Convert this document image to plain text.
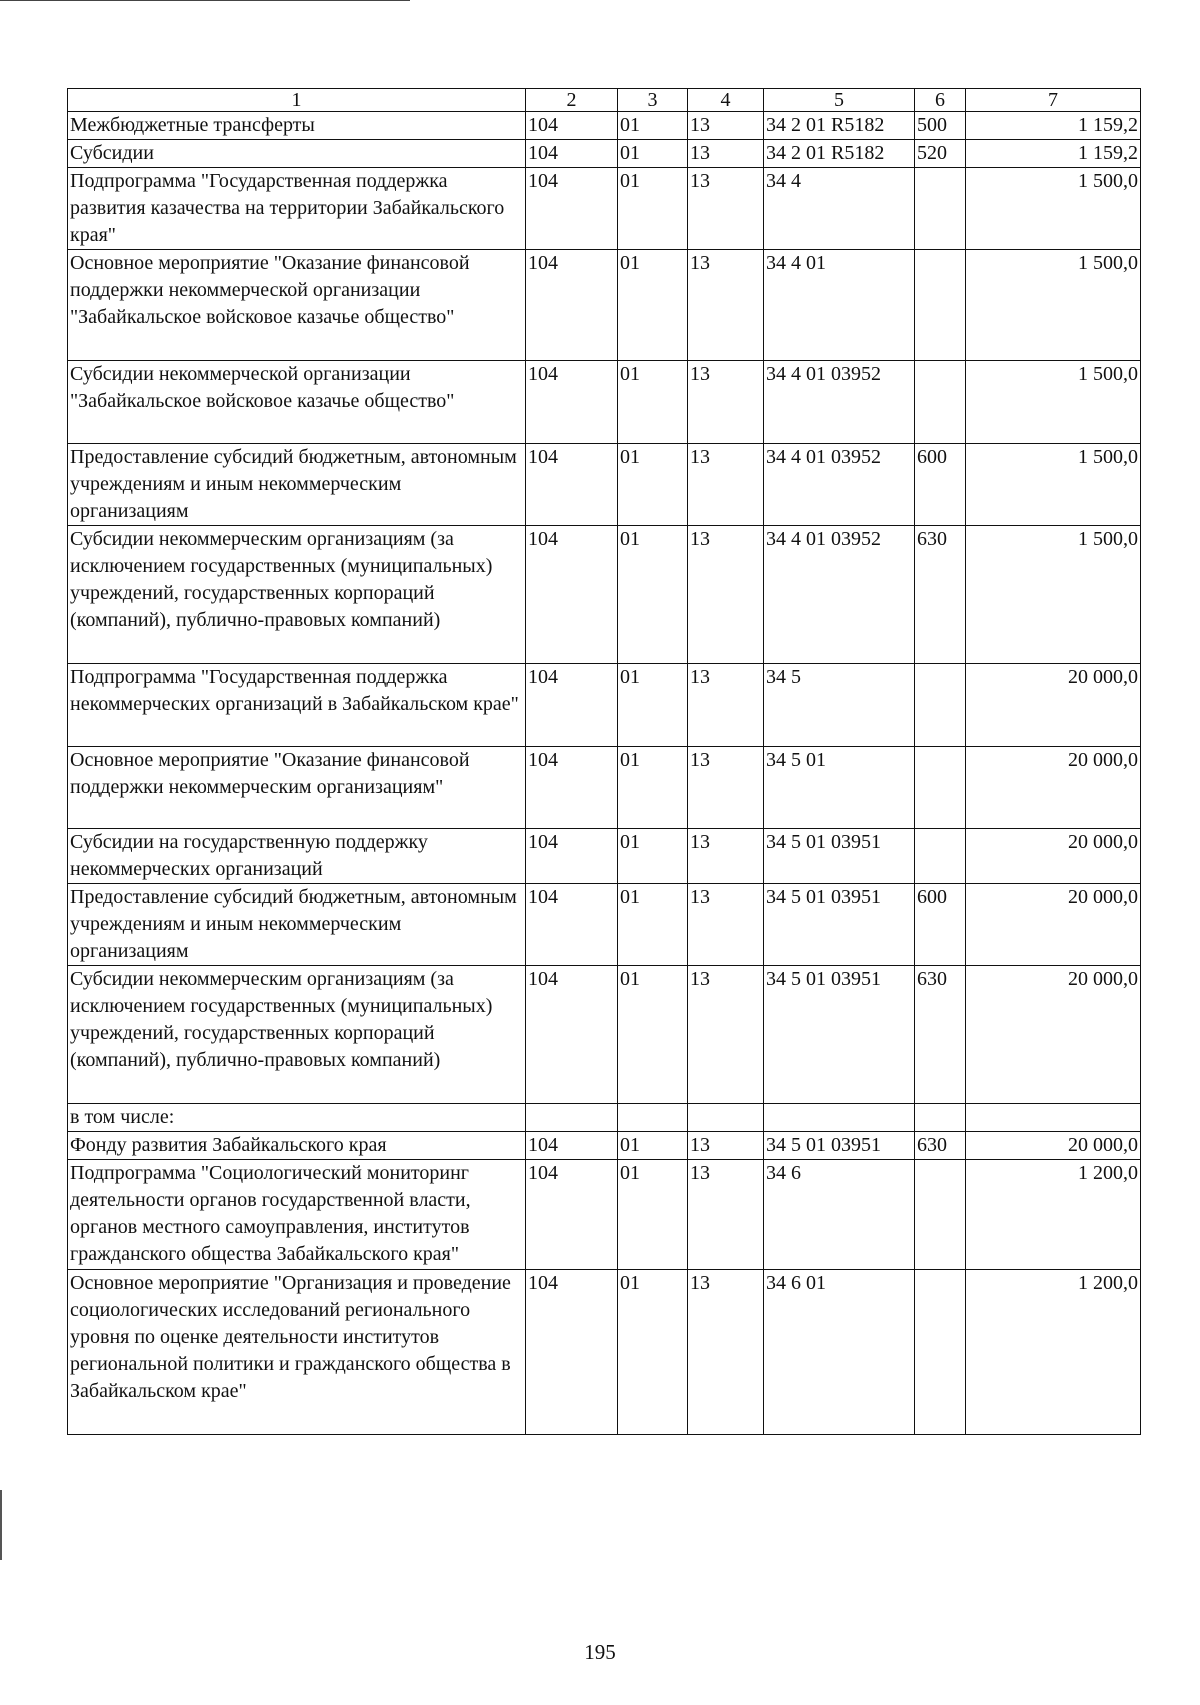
1	2	3	4	5	6	7
Межбюджетные трансферты	104	01	13	34 2 01 R5182	500	1 159,2
Субсидии	104	01	13	34 2 01 R5182	520	1 159,2
Подпрограмма "Государственная поддержка развития казачества на территории Забайкальского края"	104	01	13	34 4		1 500,0
Основное мероприятие "Оказание финансовой поддержки некоммерческой организации "Забайкальское войсковое казачье общество"	104	01	13	34 4 01		1 500,0
Субсидии некоммерческой организации "Забайкальское войсковое казачье общество"	104	01	13	34 4 01 03952		1 500,0
Предоставление субсидий бюджетным, автономным учреждениям и иным некоммерческим организациям	104	01	13	34 4 01 03952	600	1 500,0
Субсидии некоммерческим организациям (за исключением государственных (муниципальных) учреждений, государственных корпораций (компаний), публично-правовых компаний)	104	01	13	34 4 01 03952	630	1 500,0
Подпрограмма "Государственная поддержка некоммерческих организаций в Забайкальском крае"	104	01	13	34 5		20 000,0
Основное мероприятие "Оказание финансовой поддержки некоммерческим организациям"	104	01	13	34 5 01		20 000,0
Субсидии на государственную поддержку некоммерческих организаций	104	01	13	34 5 01 03951		20 000,0
Предоставление субсидий бюджетным, автономным учреждениям и иным некоммерческим организациям	104	01	13	34 5 01 03951	600	20 000,0
Субсидии некоммерческим организациям (за исключением государственных (муниципальных) учреждений, государственных корпораций (компаний), публично-правовых компаний)	104	01	13	34 5 01 03951	630	20 000,0
в том числе:						
Фонду развития Забайкальского края	104	01	13	34 5 01 03951	630	20 000,0
Подпрограмма "Социологический мониторинг деятельности органов государственной власти, органов местного самоуправления, институтов гражданского общества Забайкальского края"	104	01	13	34 6		1 200,0
Основное мероприятие "Организация и проведение социологических исследований регионального уровня по оценке деятельности институтов региональной политики и гражданского общества в Забайкальском крае"	104	01	13	34 6 01		1 200,0
195
